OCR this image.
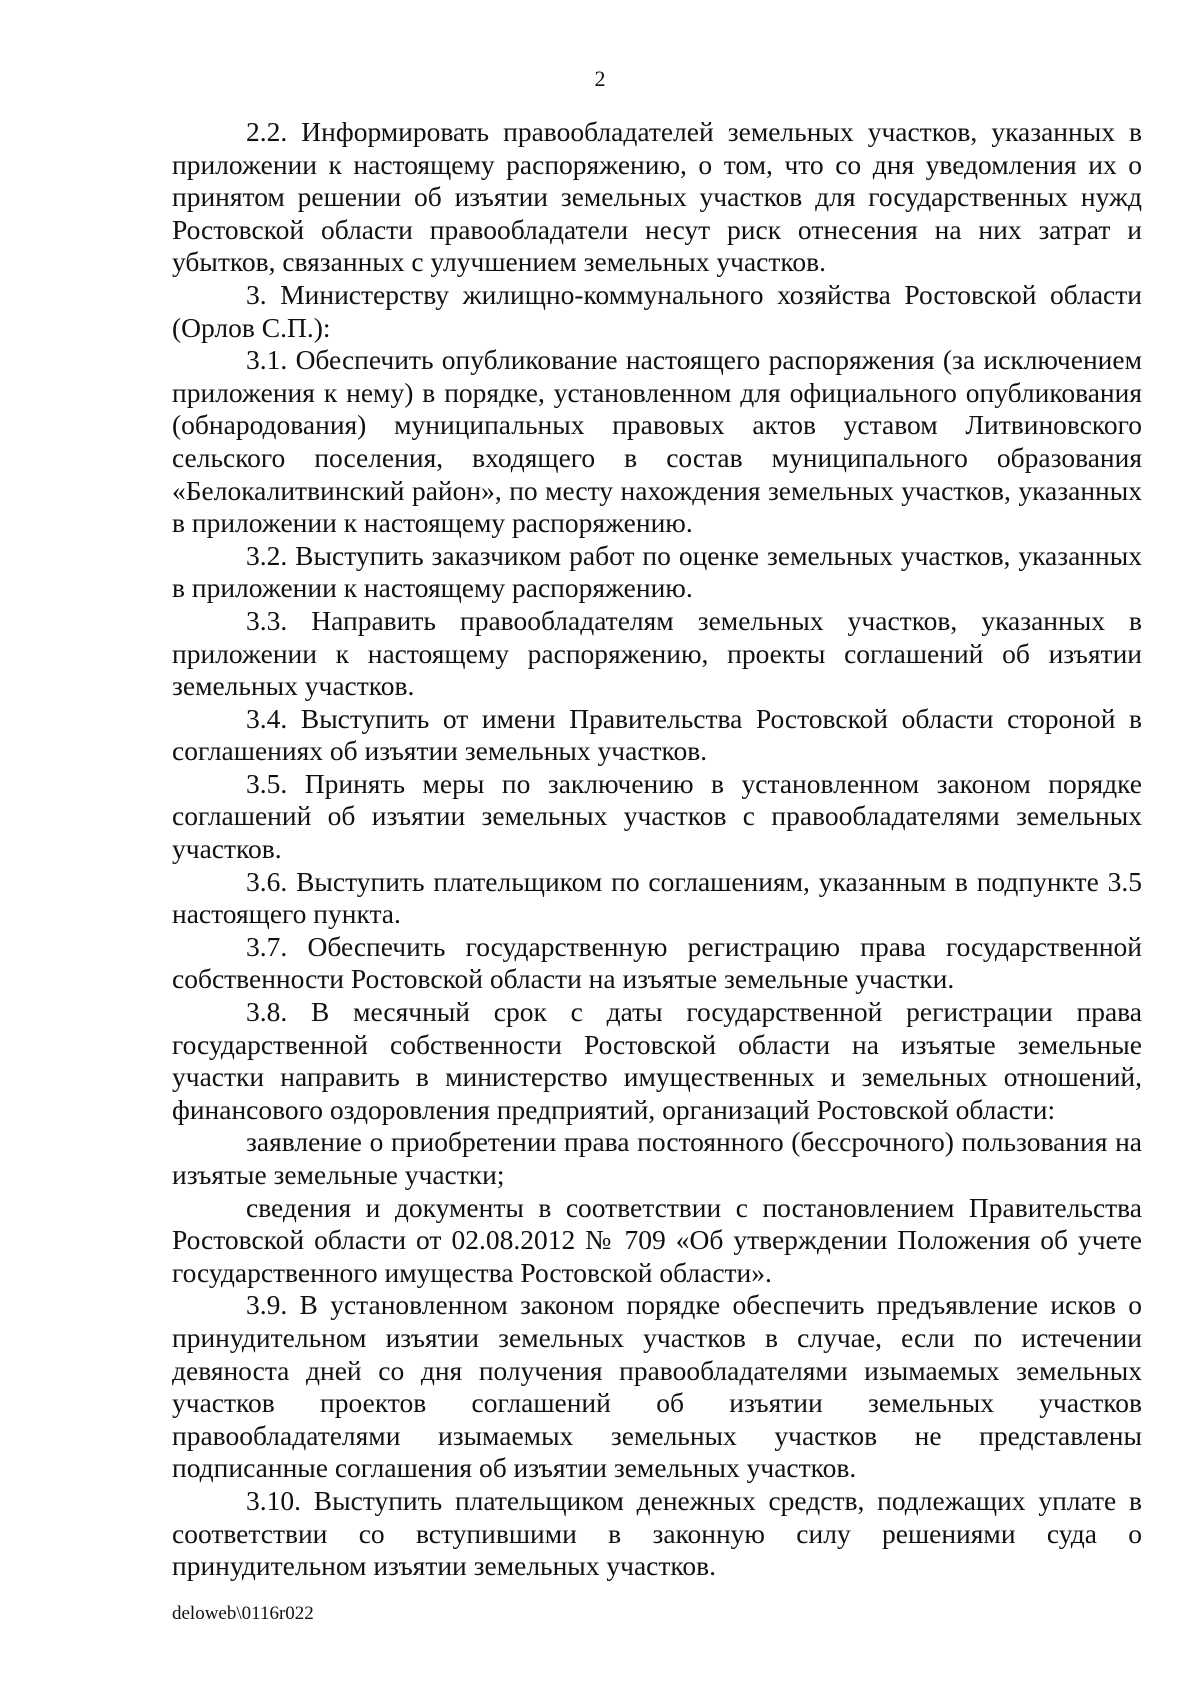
2

2.2. Информировать правообладателей земельных участков, указанных в приложении к настоящему распоряжению, о том, что со дня уведомления их о принятом решении об изъятии земельных участков для государственных нужд Ростовской области правообладатели несут риск отнесения на них затрат и убытков, связанных с улучшением земельных участков.

3. Министерству жилищно-коммунального хозяйства Ростовской области (Орлов С.П.):

3.1. Обеспечить опубликование настоящего распоряжения (за исключением приложения к нему) в порядке, установленном для официального опубликования (обнародования) муниципальных правовых актов уставом Литвиновского сельского поселения, входящего в состав муниципального образования «Белокалитвинский район», по месту нахождения земельных участков, указанных в приложении к настоящему распоряжению.

3.2. Выступить заказчиком работ по оценке земельных участков, указанных в приложении к настоящему распоряжению.

3.3. Направить правообладателям земельных участков, указанных в приложении к настоящему распоряжению, проекты соглашений об изъятии земельных участков.

3.4. Выступить от имени Правительства Ростовской области стороной в соглашениях об изъятии земельных участков.

3.5. Принять меры по заключению в установленном законом порядке соглашений об изъятии земельных участков с правообладателями земельных участков.

3.6. Выступить плательщиком по соглашениям, указанным в подпункте 3.5 настоящего пункта.

3.7. Обеспечить государственную регистрацию права государственной собственности Ростовской области на изъятые земельные участки.

3.8. В месячный срок с даты государственной регистрации права государственной собственности Ростовской области на изъятые земельные участки направить в министерство имущественных и земельных отношений, финансового оздоровления предприятий, организаций Ростовской области:

заявление о приобретении права постоянного (бессрочного) пользования на изъятые земельные участки;

сведения и документы в соответствии с постановлением Правительства Ростовской области от 02.08.2012 № 709 «Об утверждении Положения об учете государственного имущества Ростовской области».

3.9. В установленном законом порядке обеспечить предъявление исков о принудительном изъятии земельных участков в случае, если по истечении девяноста дней со дня получения правообладателями изымаемых земельных участков проектов соглашений об изъятии земельных участков правообладателями изымаемых земельных участков не представлены подписанные соглашения об изъятии земельных участков.

3.10. Выступить плательщиком денежных средств, подлежащих уплате в соответствии со вступившими в законную силу решениями суда о принудительном изъятии земельных участков.

deloweb\0116r022
